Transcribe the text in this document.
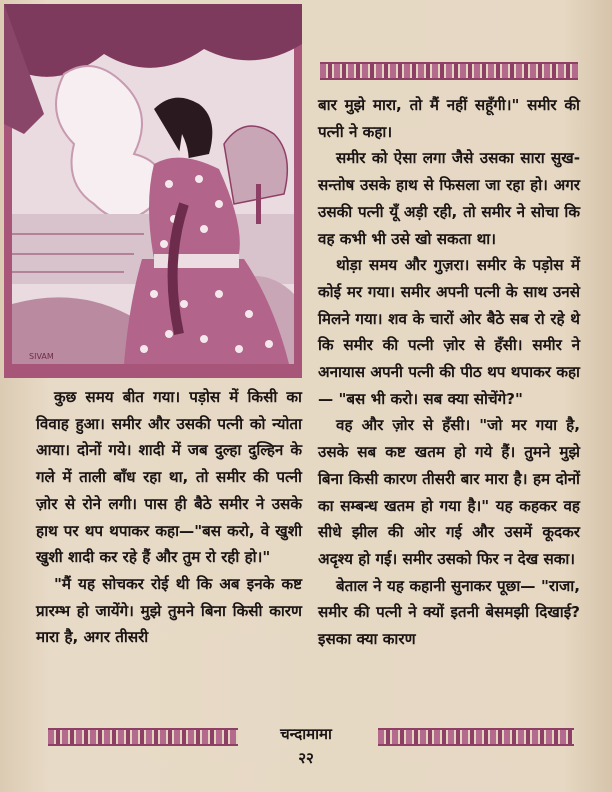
SIVAM

बार मुझे मारा, तो मैं नहीं सहूँगी।" समीर की पत्नी ने कहा।

समीर को ऐसा लगा जैसे उसका सारा सुख-सन्तोष उसके हाथ से फिसला जा रहा हो। अगर उसकी पत्नी यूँ अड़ी रही, तो समीर ने सोचा कि वह कभी भी उसे खो सकता था।

थोड़ा समय और गुज़रा। समीर के पड़ोस में कोई मर गया। समीर अपनी पत्नी के साथ उनसे मिलने गया। शव के चारों ओर बैठे सब रो रहे थे कि समीर की पत्नी ज़ोर से हँसी। समीर ने अनायास अपनी पत्नी की पीठ थप थपाकर कहा— "बस भी करो। सब क्या सोचेंगे?"

वह और ज़ोर से हँसी। "जो मर गया है, उसके सब कष्ट खतम हो गये हैं। तुमने मुझे बिना किसी कारण तीसरी बार मारा है। हम दोनों का सम्बन्ध खतम हो गया है।" यह कहकर वह सीधे झील की ओर गई और उसमें कूदकर अदृश्य हो गई। समीर उसको फिर न देख सका।

बेताल ने यह कहानी सुनाकर पूछा— "राजा, समीर की पत्नी ने क्यों इतनी बेसमझी दिखाई? इसका क्या कारण

कुछ समय बीत गया। पड़ोस में किसी का विवाह हुआ। समीर और उसकी पत्नी को न्योता आया। दोनों गये। शादी में जब दुल्हा दुल्हिन के गले में ताली बाँध रहा था, तो समीर की पत्नी ज़ोर से रोने लगी। पास ही बैठे समीर ने उसके हाथ पर थप थपाकर कहा—"बस करो, वे खुशी खुशी शादी कर रहे हैं और तुम रो रही हो।"

"मैं यह सोचकर रोई थी कि अब इनके कष्ट प्रारम्भ हो जायेंगे। मुझे तुमने बिना किसी कारण मारा है, अगर तीसरी

चन्दामामा
२२
